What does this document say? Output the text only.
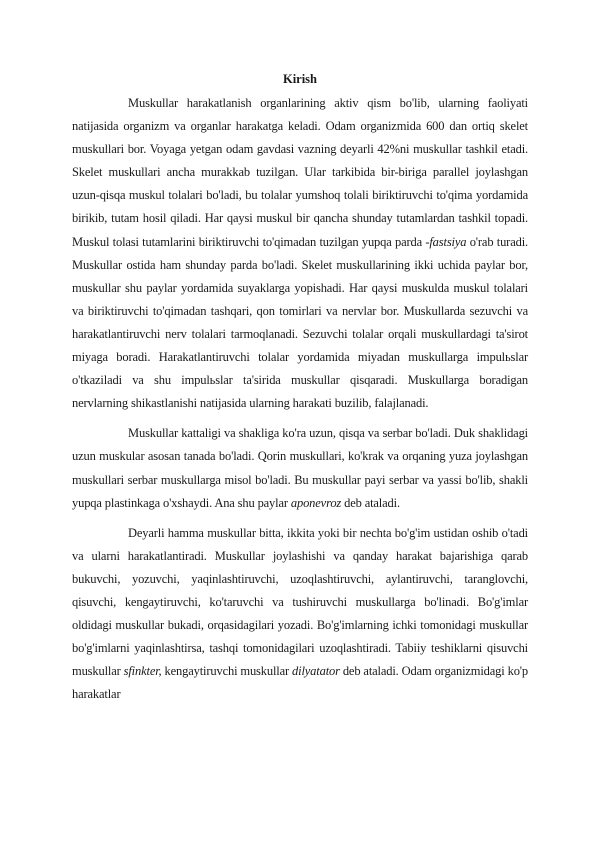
Kirish

Muskullar harakatlanish organlarining aktiv qism bo'lib, ularning faoliyati natijasida organizm va organlar harakatga keladi. Odam organizmida 600 dan ortiq skelet muskullari bor. Voyaga yetgan odam gavdasi vazning deyarli 42%ni muskullar tashkil etadi. Skelet muskullari ancha murakkab tuzilgan. Ular tarkibida bir-biriga parallel joylashgan uzun-qisqa muskul tolalari bo'ladi, bu tolalar yumshoq tolali biriktiruvchi to'qima yordamida birikib, tutam hosil qiladi. Har qaysi muskul bir qancha shunday tutamlardan tashkil topadi. Muskul tolasi tutamlarini biriktiruvchi to'qimadan tuzilgan yupqa parda -fastsiya o'rab turadi. Muskullar ostida ham shunday parda bo'ladi. Skelet muskullarining ikki uchida paylar bor, muskullar shu paylar yordamida suyaklarga yopishadi. Har qaysi muskulda muskul tolalari va biriktiruvchi to'qimadan tashqari, qon tomirlari va nervlar bor. Muskullarda sezuvchi va harakatlantiruvchi nerv tolalari tarmoqlanadi. Sezuvchi tolalar orqali muskullardagi ta'sirot miyaga boradi. Harakatlantiruvchi tolalar yordamida miyadan muskullarga impulьslar o'tkaziladi va shu impulьslar ta'sirida muskullar qisqaradi. Muskullarga boradigan nervlarning shikastlanishi natijasida ularning harakati buzilib, falajlanadi.

Muskullar kattaligi va shakliga ko'ra uzun, qisqa va serbar bo'ladi. Duk shaklidagi uzun muskular asosan tanada bo'ladi. Qorin muskullari, ko'krak va orqaning yuza joylashgan muskullari serbar muskullarga misol bo'ladi. Bu muskullar payi serbar va yassi bo'lib, shakli yupqa plastinkaga o'xshaydi. Ana shu paylar aponevroz deb ataladi.

Deyarli hamma muskullar bitta, ikkita yoki bir nechta bo'g'im ustidan oshib o'tadi va ularni harakatlantiradi. Muskullar joylashishi va qanday harakat bajarishiga qarab bukuvchi, yozuvchi, yaqinlashtiruvchi, uzoqlashtiruvchi, aylantiruvchi, taranglovchi, qisuvchi, kengaytiruvchi, ko'taruvchi va tushiruvchi muskullarga bo'linadi. Bo'g'imlar oldidagi muskullar bukadi, orqasidagilari yozadi. Bo'g'imlarning ichki tomonidagi muskullar bo'g'imlarni yaqinlashtirsa, tashqi tomonidagilari uzoqlashtiradi. Tabiiy teshiklarni qisuvchi muskullar sfinkter, kengaytiruvchi muskullar dilyatator deb ataladi. Odam organizmidagi ko'p harakatlar
